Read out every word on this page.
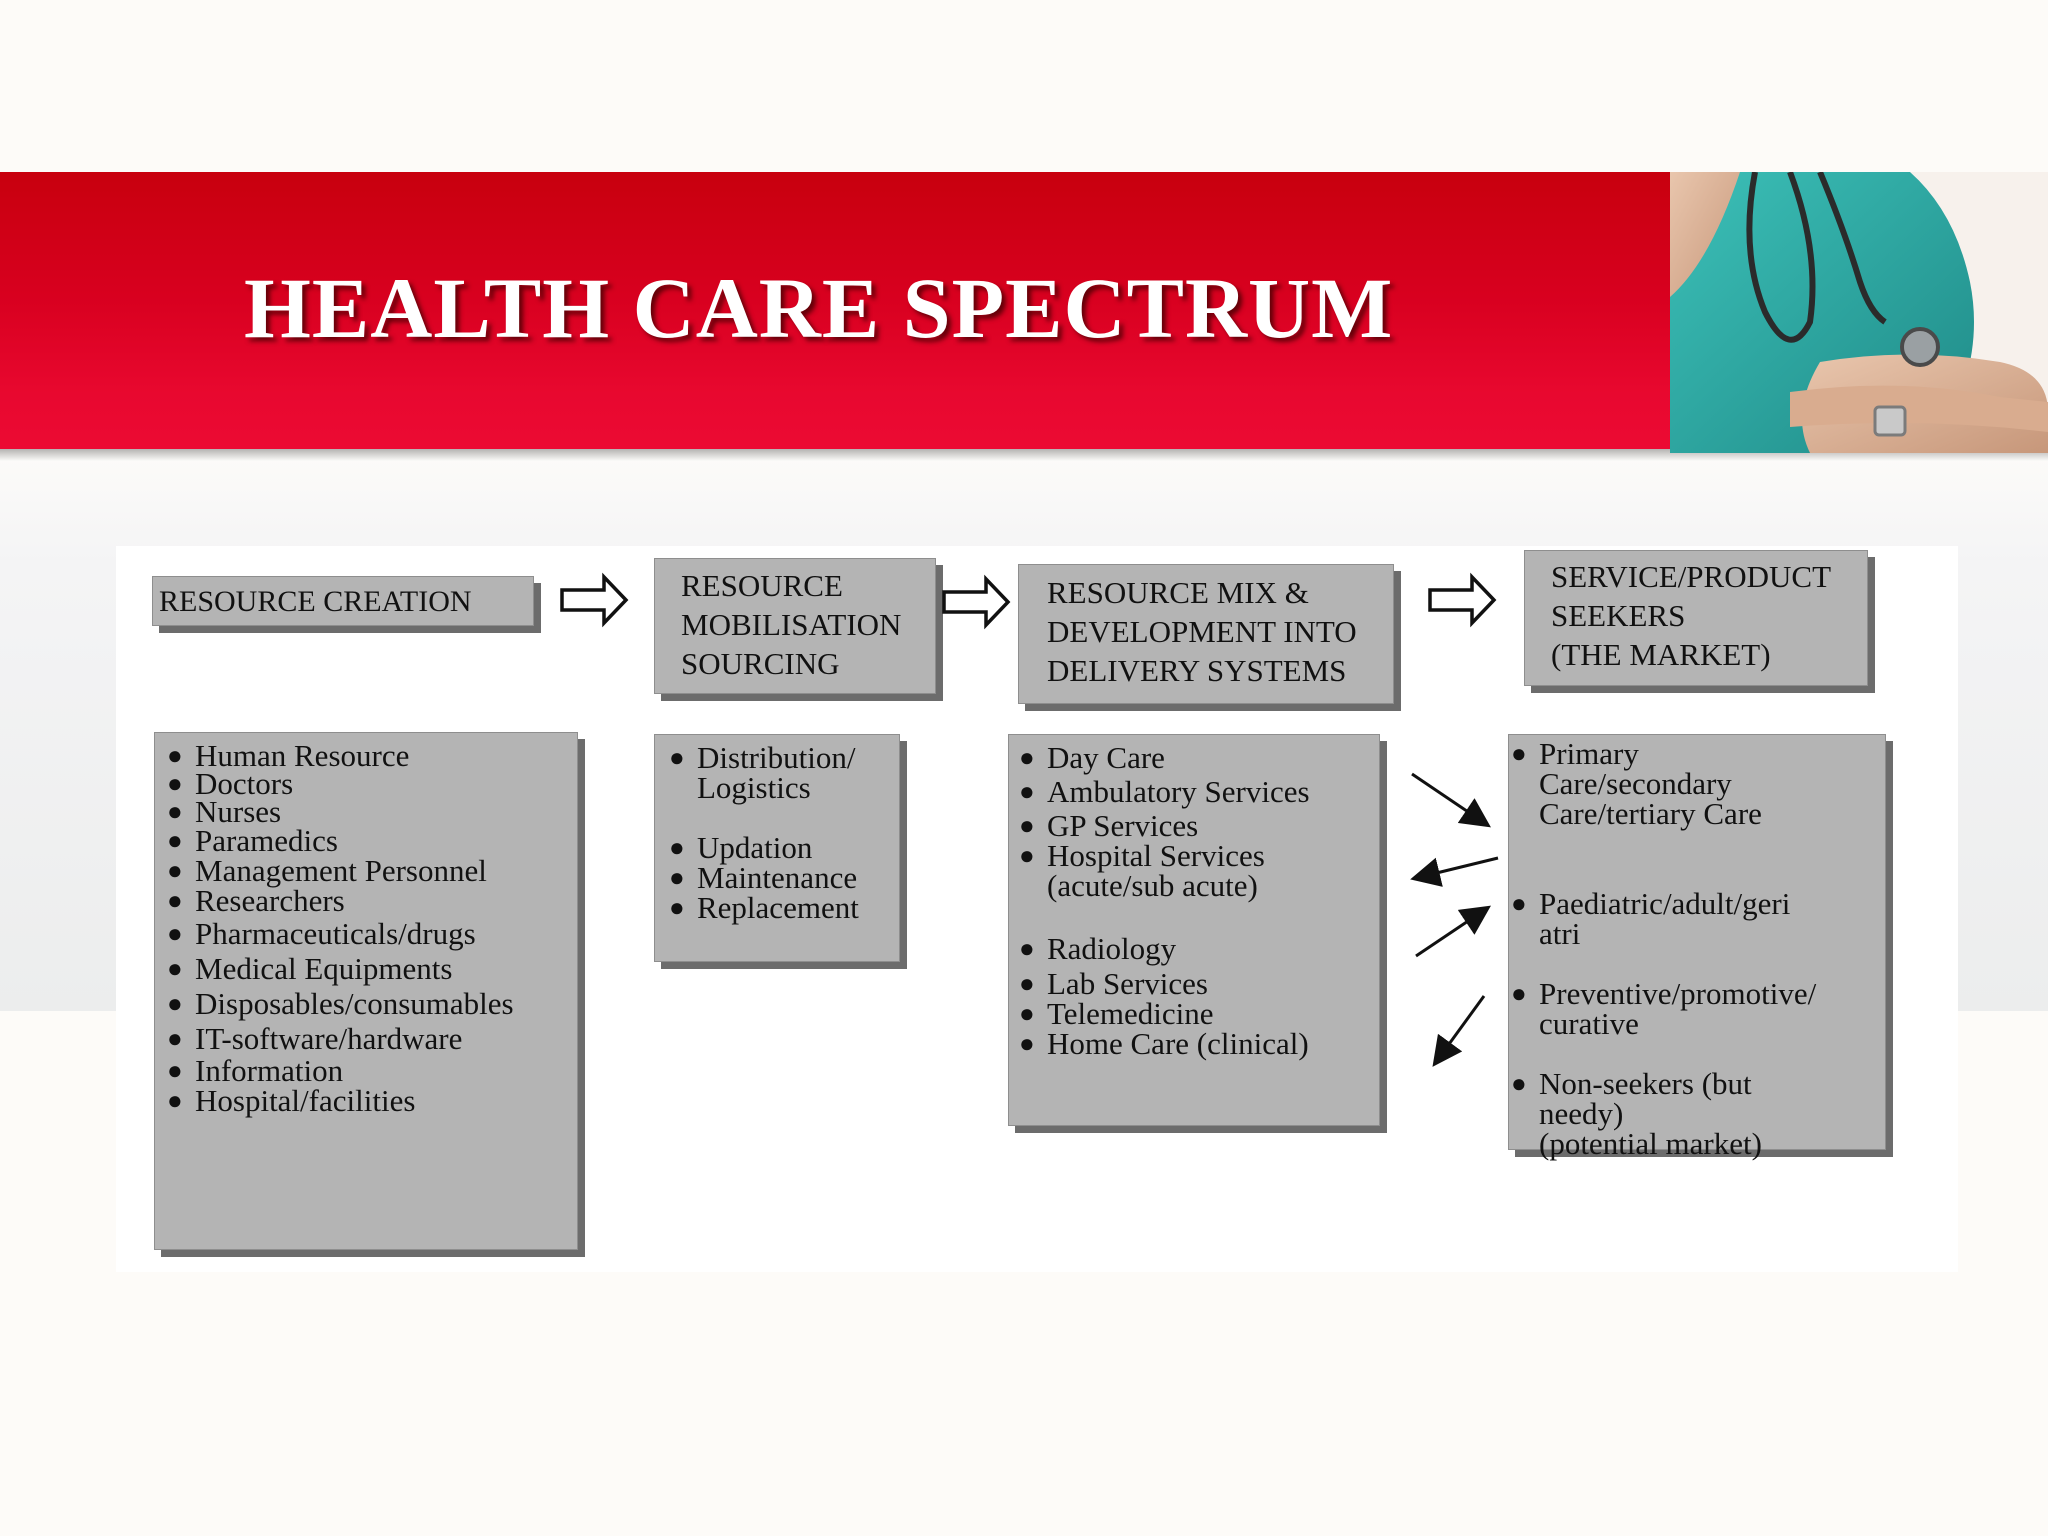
HEALTH CARE SPECTRUM

RESOURCE CREATION	RESOURCE

MOBILISATION

SOURCING

RESOURCE MIX &

DEVELOPMENT INTO

DELIVERY SYSTEMS

SERVICE/PRODUCT

SEEKERS

(THE MARKET)

● Human Resource
● Doctors
● Nurses
● Paramedics
● Management Personnel
● Researchers
● Pharmaceuticals/drugs
● Medical Equipments
● Disposables/consumables
● IT-software/hardware
● Information
● Hospital/facilities
● Distribution/
Logistics
● Updation
● Maintenance
● Replacement
● Day Care
● Ambulatory Services
● GP Services
● Hospital Services
(acute/sub acute)
● Radiology
● Lab Services
● Telemedicine
● Home Care (clinical)
● Primary
Care/secondary
Care/tertiary Care
● Paediatric/adult/geri
atri
● Preventive/promotive/
curative
● Non-seekers (but
needy)
(potential market)
